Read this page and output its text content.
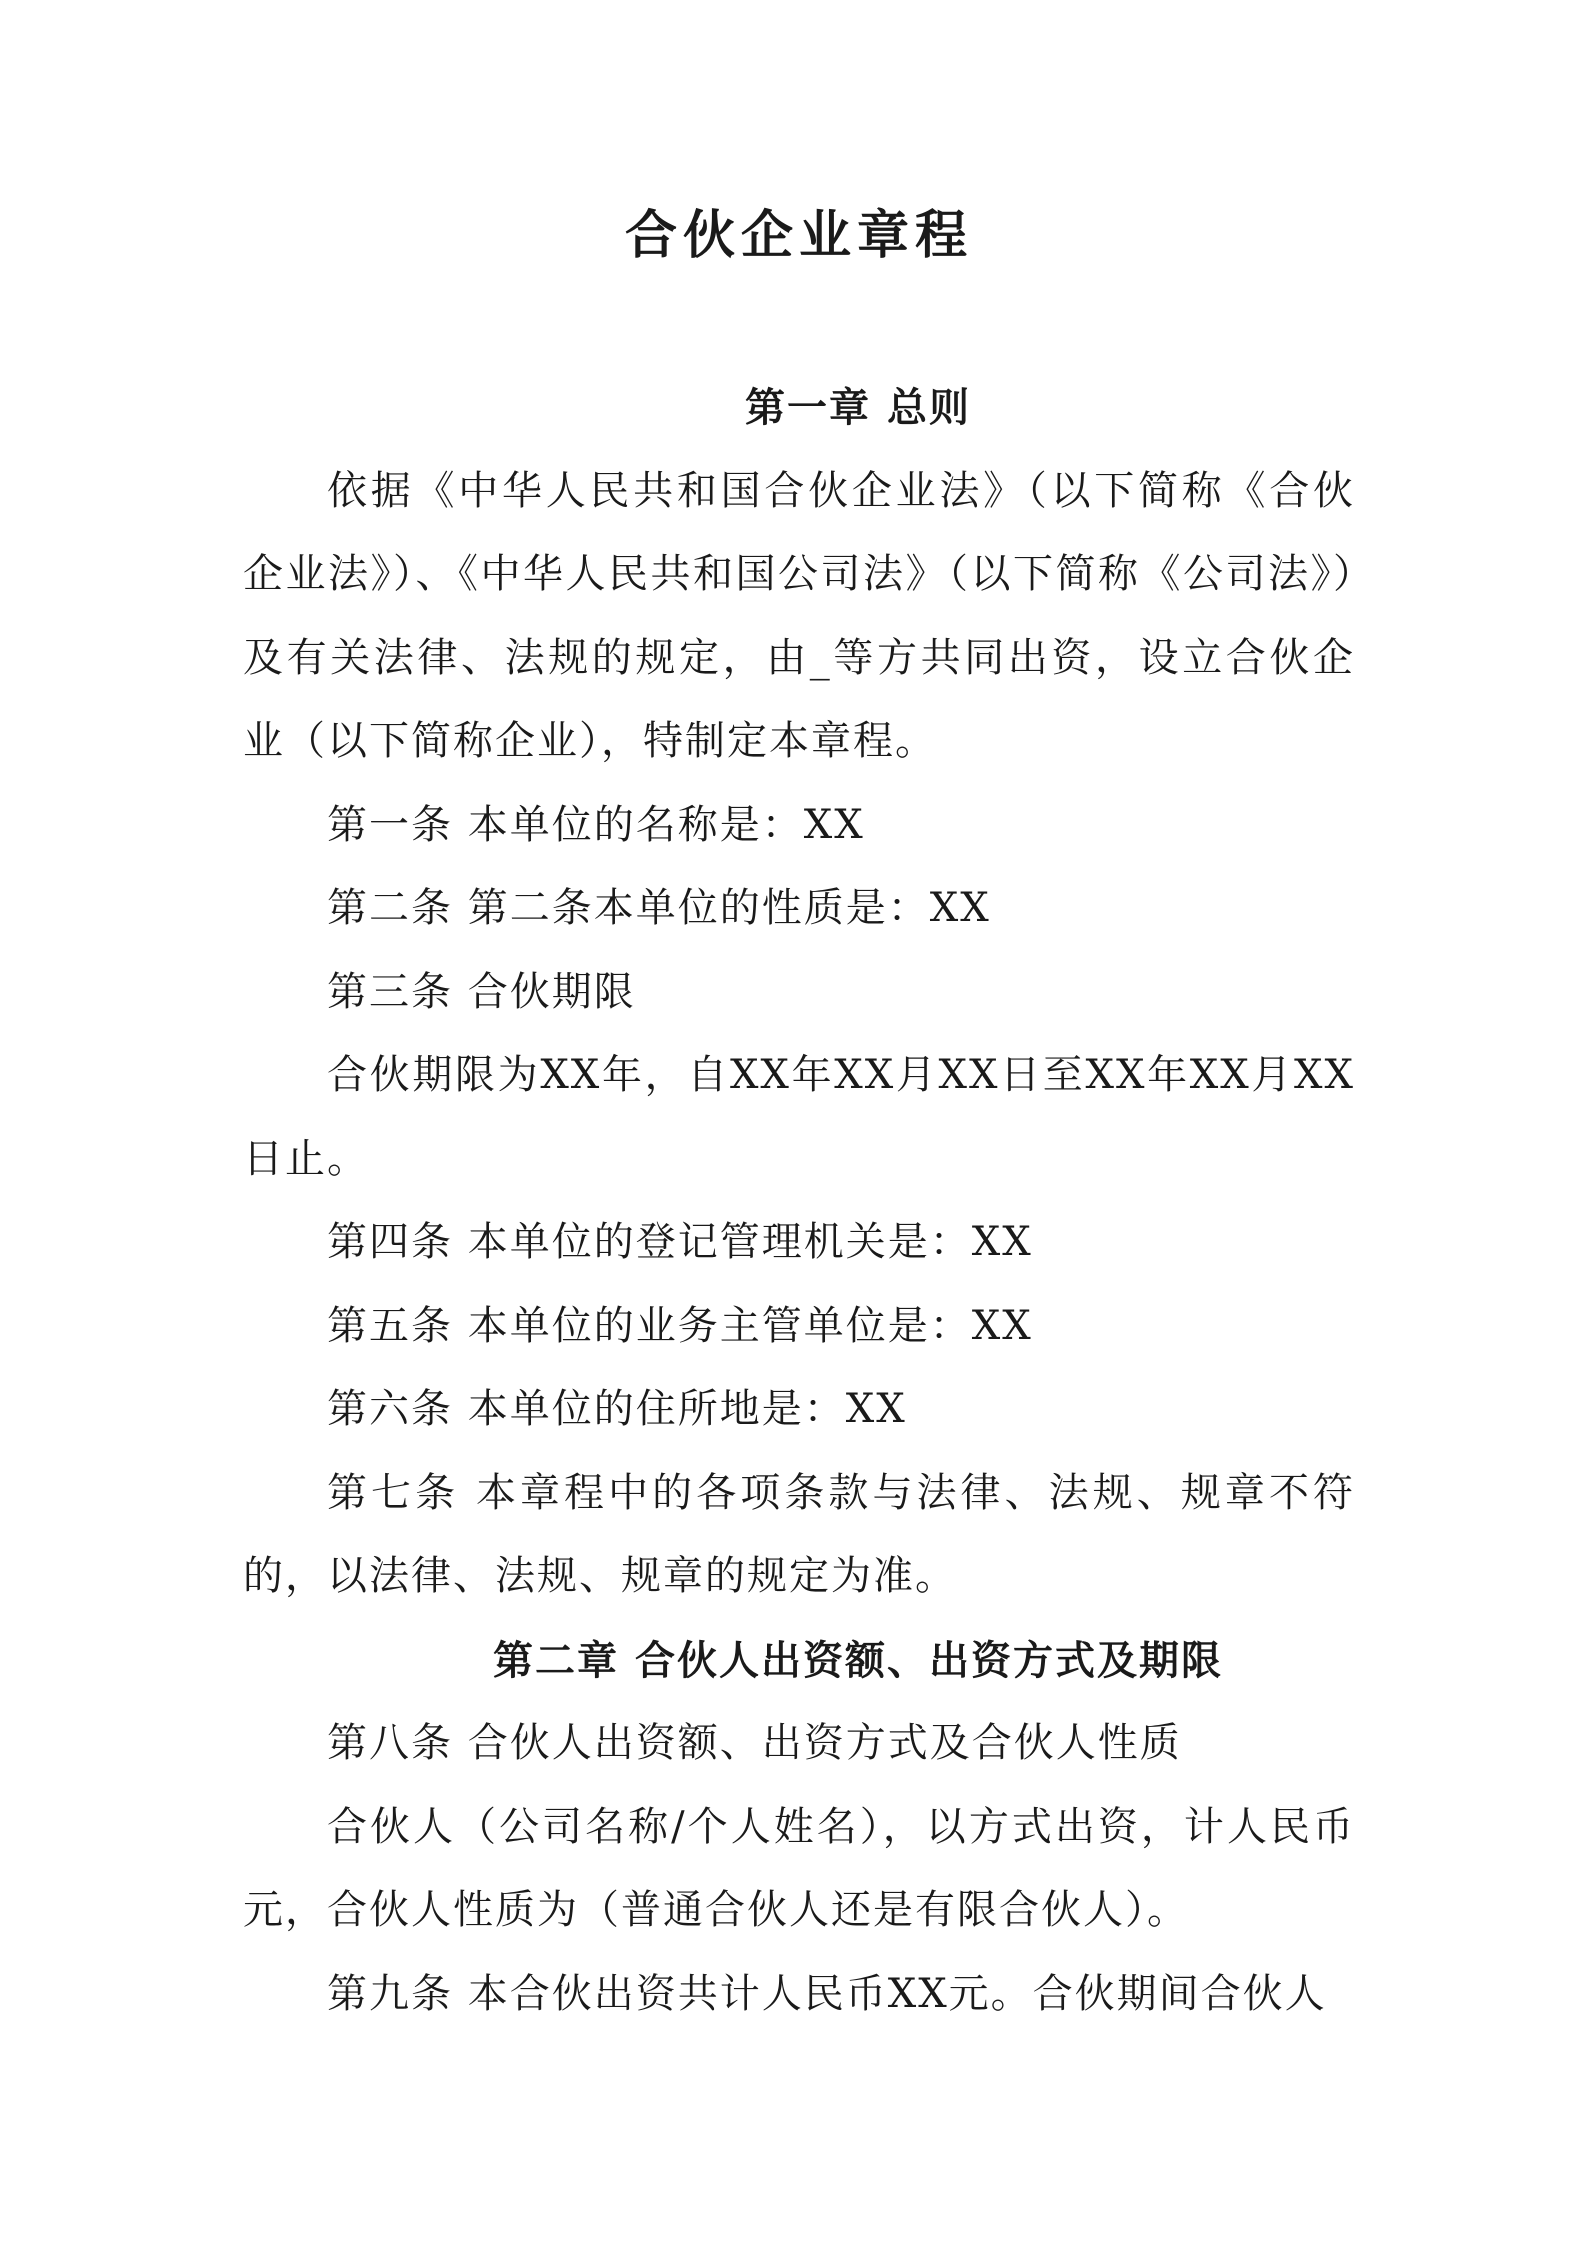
合伙企业章程
第一章 总则

依据《中华人民共和国合伙企业法》（以下简称《合伙企业法》）、《中华人民共和国公司法》（以下简称《公司法》）及有关法律、法规的规定，由_等方共同出资，设立合伙企业（以下简称企业），特制定本章程。

第一条 本单位的名称是：XX

第二条 第二条本单位的性质是：XX

第三条 合伙期限

合伙期限为XX年，自XX年XX月XX日至XX年XX月XX日止。

第四条 本单位的登记管理机关是：XX

第五条 本单位的业务主管单位是：XX

第六条 本单位的住所地是：XX

第七条 本章程中的各项条款与法律、法规、规章不符的，以法律、法规、规章的规定为准。

第二章 合伙人出资额、出资方式及期限

第八条 合伙人出资额、出资方式及合伙人性质

合伙人（公司名称/个人姓名），以方式出资，计人民币元，合伙人性质为（普通合伙人还是有限合伙人）。

第九条 本合伙出资共计人民币XX元。合伙期间合伙人
